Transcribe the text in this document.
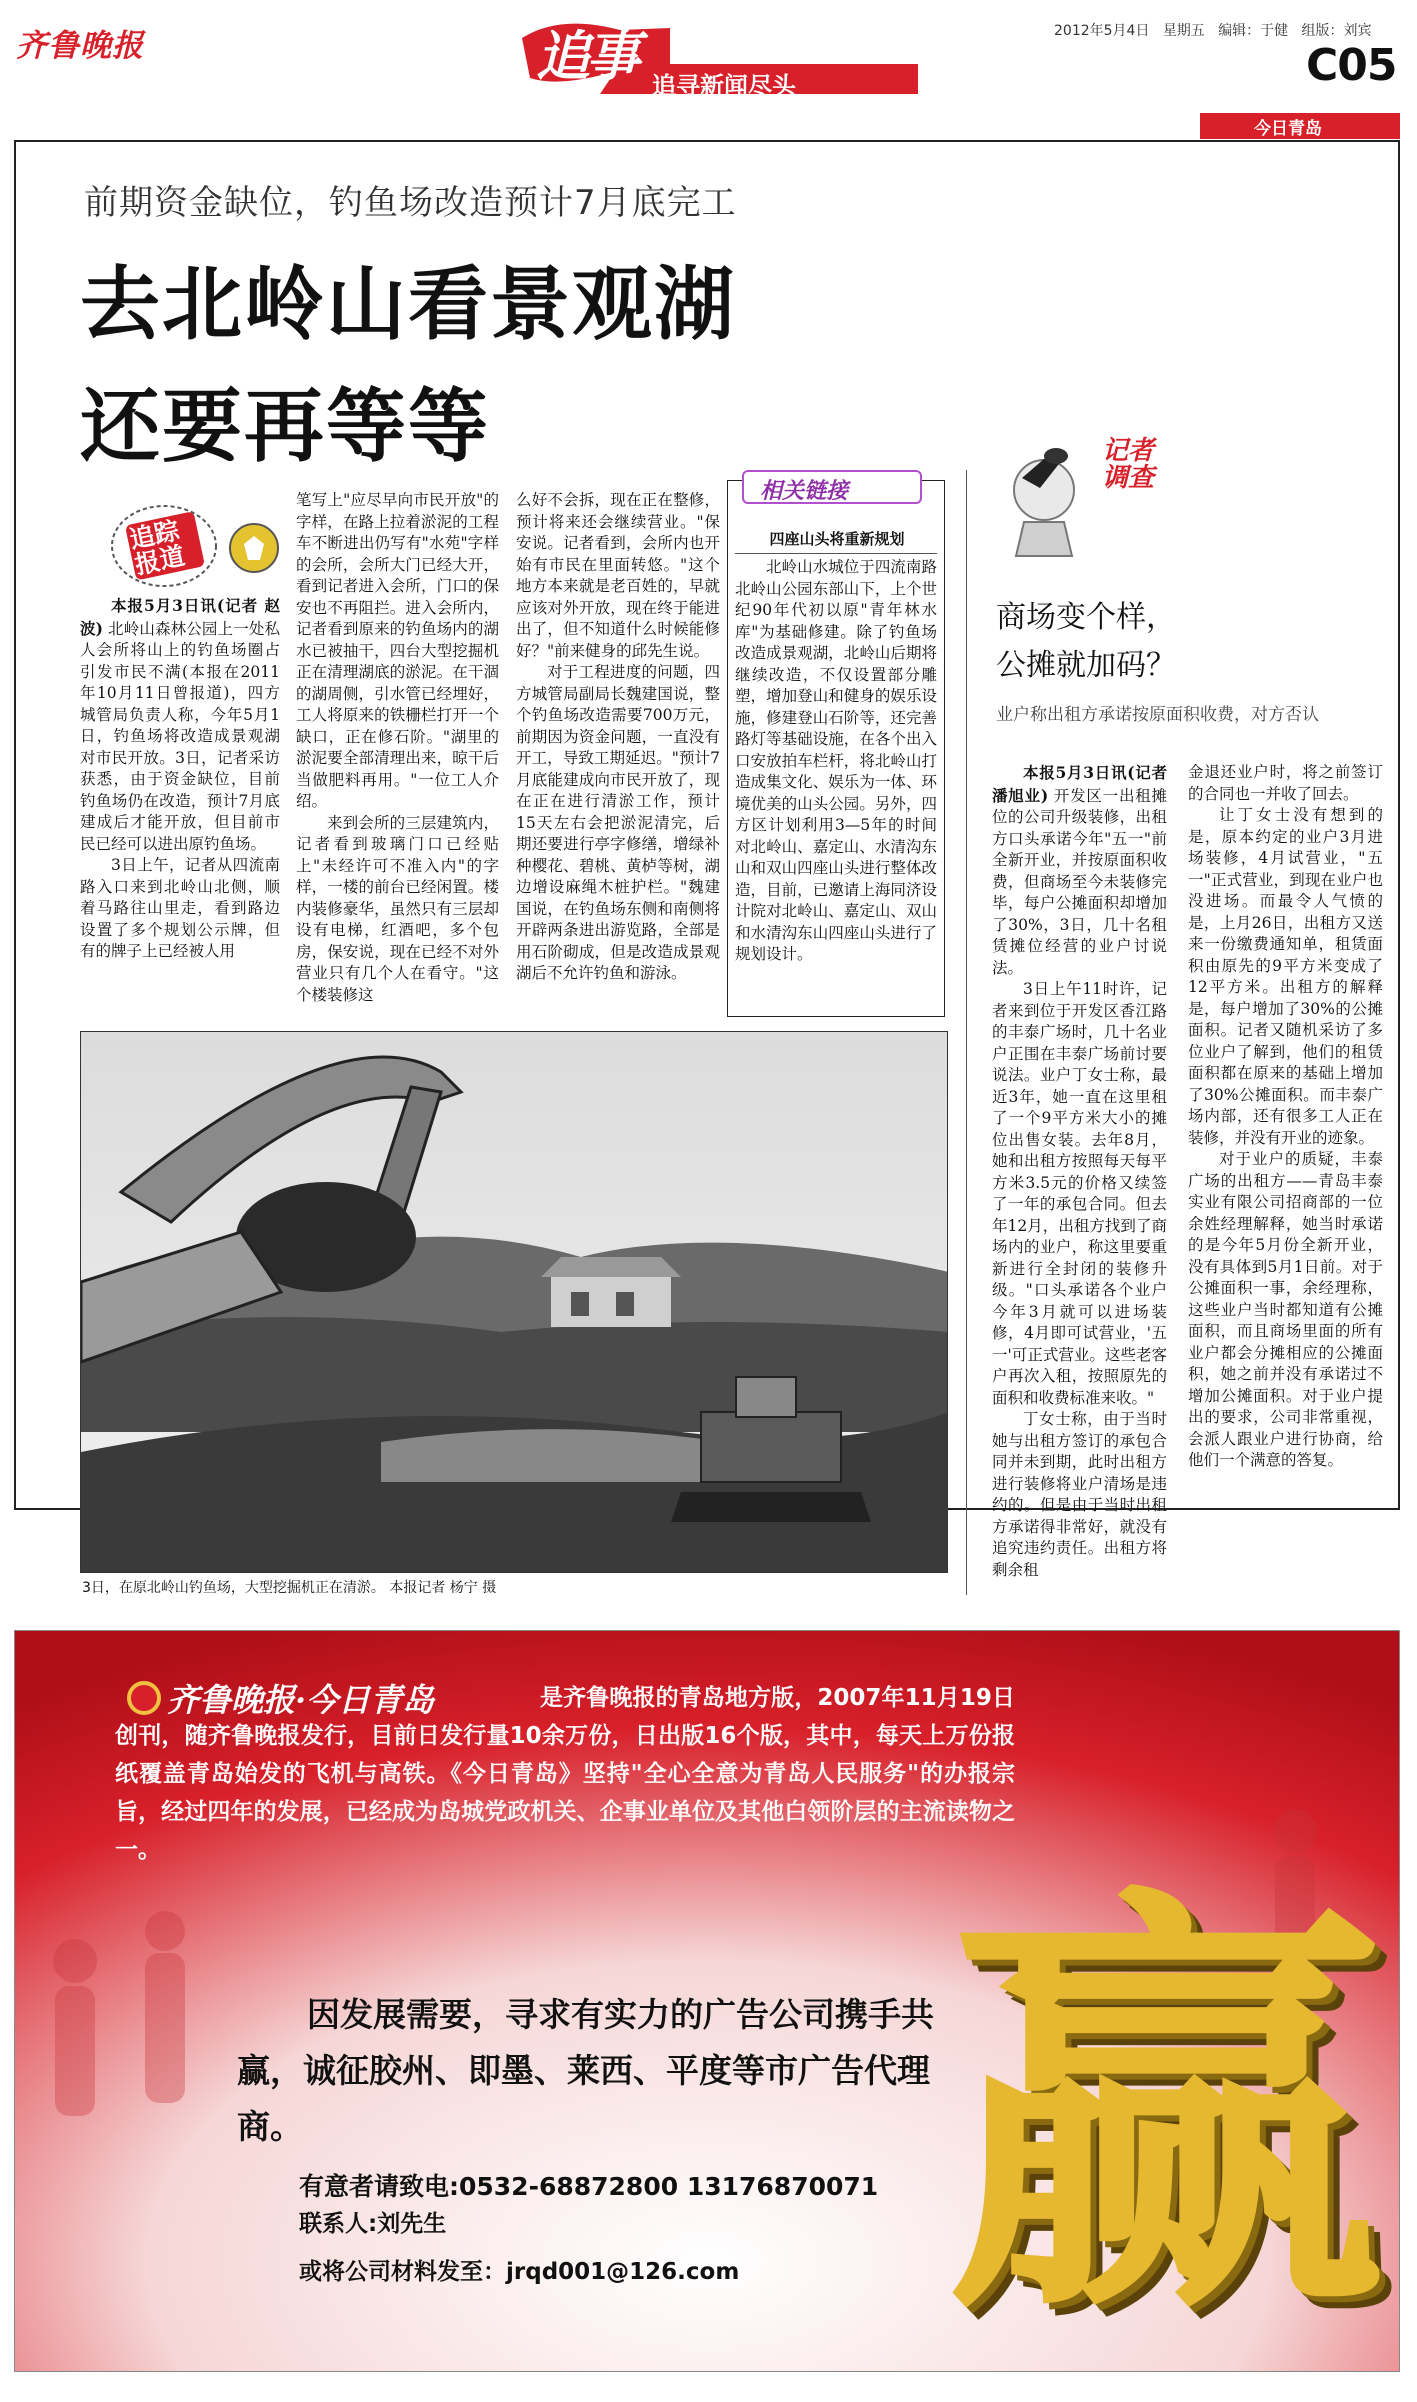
齐鲁晚报	追事
zhuishi
追寻新闻尽头
2012年5月4日 星期五 编辑：于健 组版：刘宾
C05
今日青岛
前期资金缺位，钓鱼场改造预计7月底完工
去北岭山看景观湖
还要再等等
追踪报道

本报5月3日讯(记者 赵波) 北岭山森林公园上一处私人会所将山上的钓鱼场圈占引发市民不满(本报在2011年10月11日曾报道)，四方城管局负责人称，今年5月1日，钓鱼场将改造成景观湖对市民开放。3日，记者采访获悉，由于资金缺位，目前钓鱼场仍在改造，预计7月底建成后才能开放，但目前市民已经可以进出原钓鱼场。

3日上午，记者从四流南路入口来到北岭山北侧，顺着马路往山里走，看到路边设置了多个规划公示牌，但有的牌子上已经被人用

笔写上"应尽早向市民开放"的字样，在路上拉着淤泥的工程车不断进出仍写有"水苑"字样的会所，会所大门已经大开，看到记者进入会所，门口的保安也不再阻拦。进入会所内，记者看到原来的钓鱼场内的湖水已被抽干，四台大型挖掘机正在清理湖底的淤泥。在干涸的湖周侧，引水管已经埋好，工人将原来的铁栅栏打开一个缺口，正在修石阶。"湖里的淤泥要全部清理出来，晾干后当做肥料再用。"一位工人介绍。

来到会所的三层建筑内，记者看到玻璃门口已经贴上"未经许可不准入内"的字样，一楼的前台已经闲置。楼内装修豪华，虽然只有三层却设有电梯，红酒吧，多个包房，保安说，现在已经不对外营业只有几个人在看守。"这个楼装修这

么好不会拆，现在正在整修，预计将来还会继续营业。"保安说。记者看到，会所内也开始有市民在里面转悠。"这个地方本来就是老百姓的，早就应该对外开放，现在终于能进出了，但不知道什么时候能修好？"前来健身的邱先生说。

对于工程进度的问题，四方城管局副局长魏建国说，整个钓鱼场改造需要700万元，前期因为资金问题，一直没有开工，导致工期延迟。"预计7月底能建成向市民开放了，现在正在进行清淤工作，预计15天左右会把淤泥清完，后期还要进行亭字修缮，增绿补种樱花、碧桃、黄栌等树，湖边增设麻绳木桩护栏。"魏建国说，在钓鱼场东侧和南侧将开辟两条进出游览路，全部是用石阶砌成，但是改造成景观湖后不允许钓鱼和游泳。

相关链接
四座山头将重新规划

北岭山水城位于四流南路北岭山公园东部山下，上个世纪90年代初以原"青年林水库"为基础修建。除了钓鱼场改造成景观湖，北岭山后期将继续改造，不仅设置部分雕塑，增加登山和健身的娱乐设施，修建登山石阶等，还完善路灯等基础设施，在各个出入口安放拍车栏杆，将北岭山打造成集文化、娱乐为一体、环境优美的山头公园。另外，四方区计划利用3—5年的时间对北岭山、嘉定山、水清沟东山和双山四座山头进行整体改造，目前，已邀请上海同济设计院对北岭山、嘉定山、双山和水清沟东山四座山头进行了规划设计。

3日，在原北岭山钓鱼场，大型挖掘机正在清淤。 本报记者 杨宁 摄
记者调查
商场变个样，
公摊就加码？
业户称出租方承诺按原面积收费，对方否认

本报5月3日讯(记者 潘旭业) 开发区一出租摊位的公司升级装修，出租方口头承诺今年"五一"前全新开业，并按原面积收费，但商场至今未装修完毕，每户公摊面积却增加了30%，3日，几十名租赁摊位经营的业户讨说法。

3日上午11时许，记者来到位于开发区香江路的丰泰广场时，几十名业户正围在丰泰广场前讨要说法。业户丁女士称，最近3年，她一直在这里租了一个9平方米大小的摊位出售女装。去年8月，她和出租方按照每天每平方米3.5元的价格又续签了一年的承包合同。但去年12月，出租方找到了商场内的业户，称这里要重新进行全封闭的装修升级。"口头承诺各个业户今年3月就可以进场装修，4月即可试营业，'五一'可正式营业。这些老客户再次入租，按照原先的面积和收费标准来收。"

丁女士称，由于当时她与出租方签订的承包合同并未到期，此时出租方进行装修将业户清场是违约的。但是由于当时出租方承诺得非常好，就没有追究违约责任。出租方将剩余租

金退还业户时，将之前签订的合同也一并收了回去。

让丁女士没有想到的是，原本约定的业户3月进场装修，4月试营业，"五一"正式营业，到现在业户也没进场。而最令人气愤的是，上月26日，出租方又送来一份缴费通知单，租赁面积由原先的9平方米变成了12平方米。出租方的解释是，每户增加了30%的公摊面积。记者又随机采访了多位业户了解到，他们的租赁面积都在原来的基础上增加了30%公摊面积。而丰泰广场内部，还有很多工人正在装修，并没有开业的迹象。

对于业户的质疑，丰泰广场的出租方——青岛丰泰实业有限公司招商部的一位余姓经理解释，她当时承诺的是今年5月份全新开业，没有具体到5月1日前。对于公摊面积一事，余经理称，这些业户当时都知道有公摊面积，而且商场里面的所有业户都会分摊相应的公摊面积，她之前并没有承诺过不增加公摊面积。对于业户提出的要求，公司非常重视，会派人跟业户进行协商，给他们一个满意的答复。

齐鲁晚报·今日青岛	是齐鲁晚报的青岛地方版，2007年11月19日创刊，随齐鲁晚报发行，目前日发行量10余万份，日出版16个版，其中，每天上万份报纸覆盖青岛始发的飞机与高铁。《今日青岛》坚持"全心全意为青岛人民服务"的办报宗旨，经过四年的发展，已经成为岛城党政机关、企事业单位及其他白领阶层的主流读物之一。
因发展需要，寻求有实力的广告公司携手共赢，诚征胶州、即墨、莱西、平度等市广告代理商。
有意者请致电:0532-68872800 13176870071
联系人:刘先生
或将公司材料发至：jrqd001@126.com 赢
